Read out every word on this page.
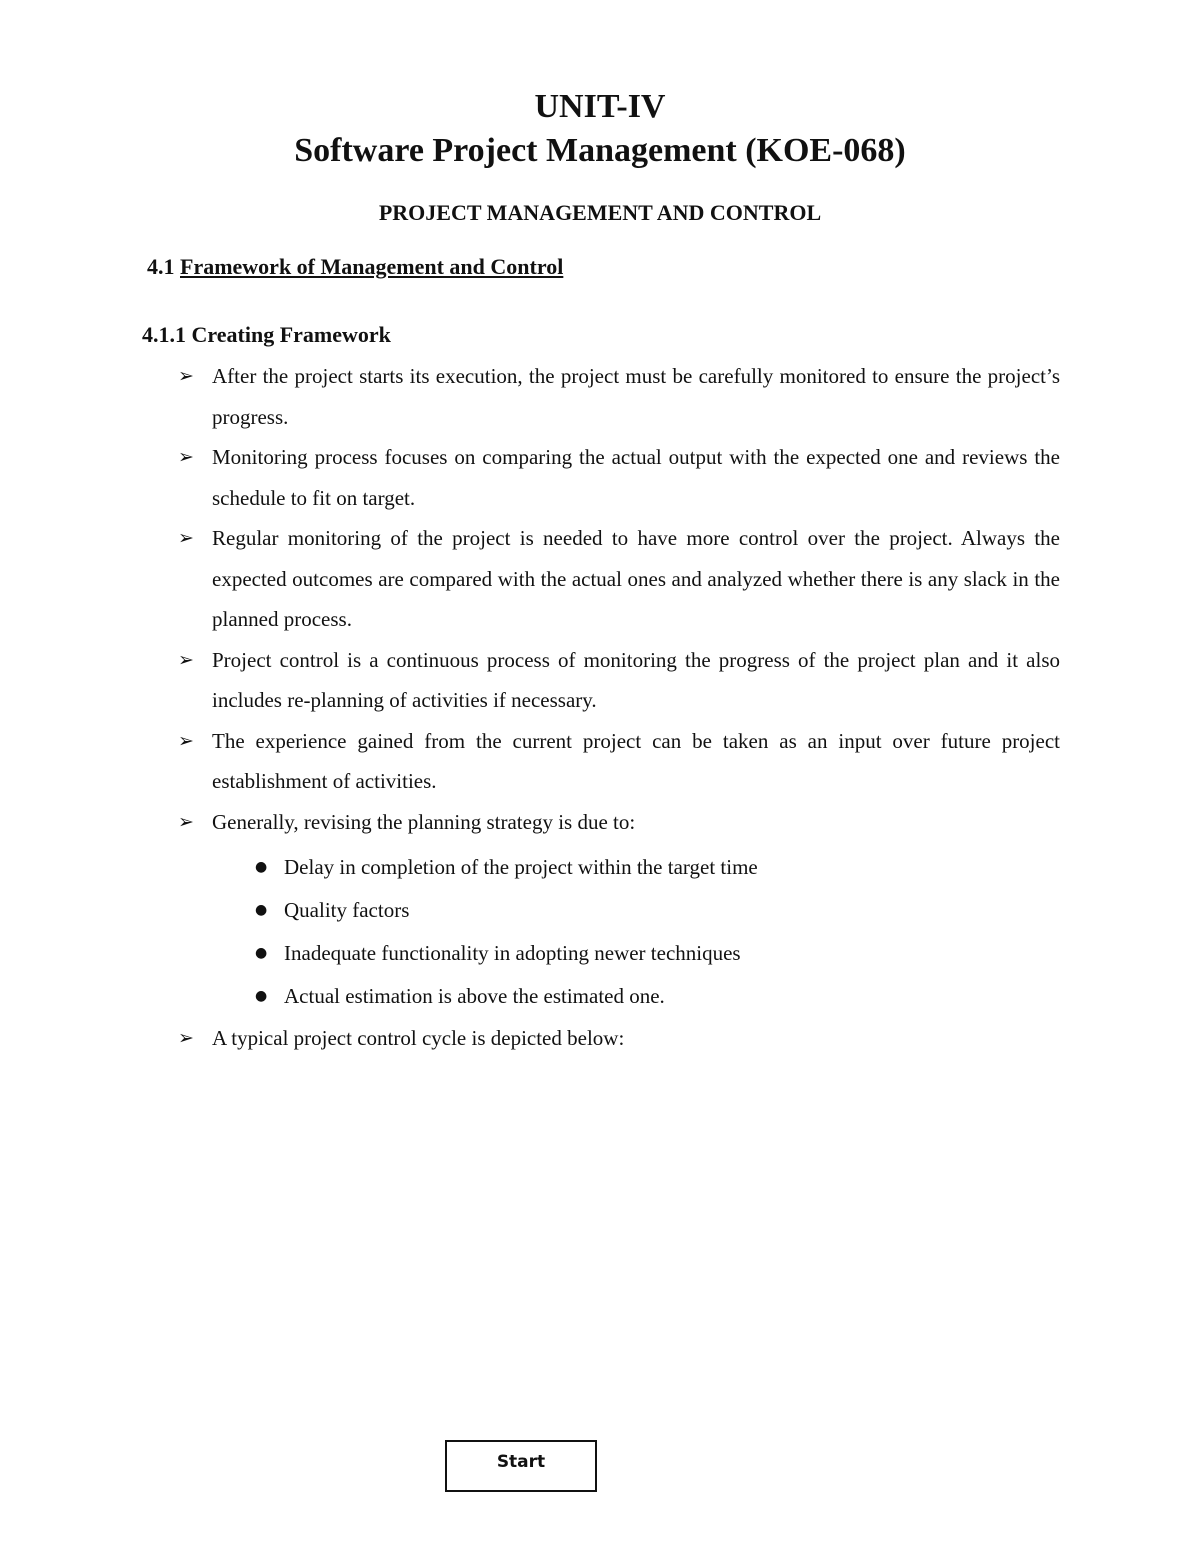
UNIT-IV
Software Project Management (KOE-068)
PROJECT MANAGEMENT AND CONTROL
4.1 Framework of Management and Control
4.1.1 Creating Framework
➢ After the project starts its execution, the project must be carefully monitored to ensure the project’s progress.
➢ Monitoring process focuses on comparing the actual output with the expected one and reviews the schedule to fit on target.
➢ Regular monitoring of the project is needed to have more control over the project. Always the expected outcomes are compared with the actual ones and analyzed whether there is any slack in the planned process.
➢ Project control is a continuous process of monitoring the progress of the project plan and it also includes re-planning of activities if necessary.
➢ The experience gained from the current project can be taken as an input over future project establishment of activities.
➢ Generally, revising the planning strategy is due to:
● Delay in completion of the project within the target time
● Quality factors
● Inadequate functionality in adopting newer techniques
● Actual estimation is above the estimated one.
➢ A typical project control cycle is depicted below:
Start
